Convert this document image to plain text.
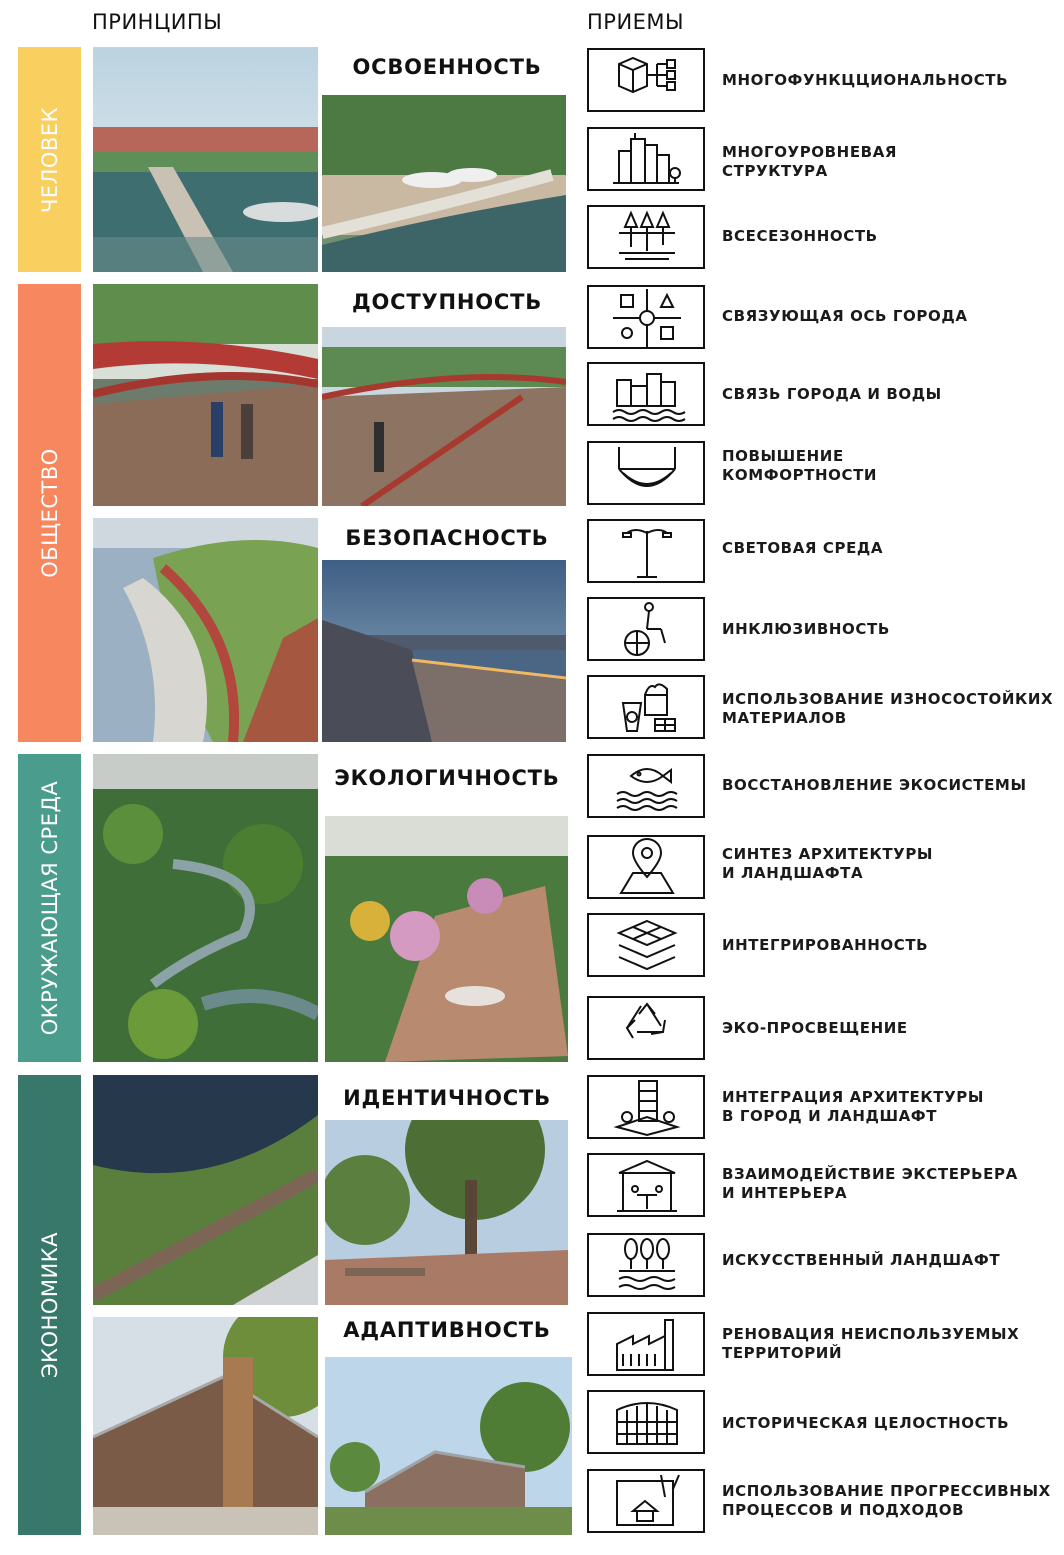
ПРИНЦИПЫ	ПРИЕМЫ
ЧЕЛОВЕК
ОБЩЕСТВО
ОКРУЖАЮЩАЯ СРЕДА
ЭКОНОМИКА
ОСВОЕННОСТЬ
ДОСТУПНОСТЬ
БЕЗОПАСНОСТЬ
ЭКОЛОГИЧНОСТЬ
ИДЕНТИЧНОСТЬ
АДАПТИВНОСТЬ
МНОГОФУНКЦЦИОНАЛЬНОСТЬ
МНОГОУРОВНЕВАЯ
СТРУКТУРА
ВСЕСЕЗОННОСТЬ
СВЯЗУЮЩАЯ ОСЬ ГОРОДА
СВЯЗЬ ГОРОДА И ВОДЫ
ПОВЫШЕНИЕ
КОМФОРТНОСТИ
СВЕТОВАЯ СРЕДА
ИНКЛЮЗИВНОСТЬ
ИСПОЛЬЗОВАНИЕ ИЗНОСОСТОЙКИХ
МАТЕРИАЛОВ
ВОССТАНОВЛЕНИЕ ЭКОСИСТЕМЫ
СИНТЕЗ АРХИТЕКТУРЫ
И ЛАНДШАФТА
ИНТЕГРИРОВАННОСТЬ
ЭКО-ПРОСВЕЩЕНИЕ
ИНТЕГРАЦИЯ АРХИТЕКТУРЫ
В ГОРОД И ЛАНДШАФТ
ВЗАИМОДЕЙСТВИЕ ЭКСТЕРЬЕРА
И ИНТЕРЬЕРА
ИСКУССТВЕННЫЙ ЛАНДШАФТ
РЕНОВАЦИЯ НЕИСПОЛЬЗУЕМЫХ
ТЕРРИТОРИЙ
ИСТОРИЧЕСКАЯ ЦЕЛОСТНОСТЬ
ИСПОЛЬЗОВАНИЕ ПРОГРЕССИВНЫХ
ПРОЦЕССОВ И ПОДХОДОВ
